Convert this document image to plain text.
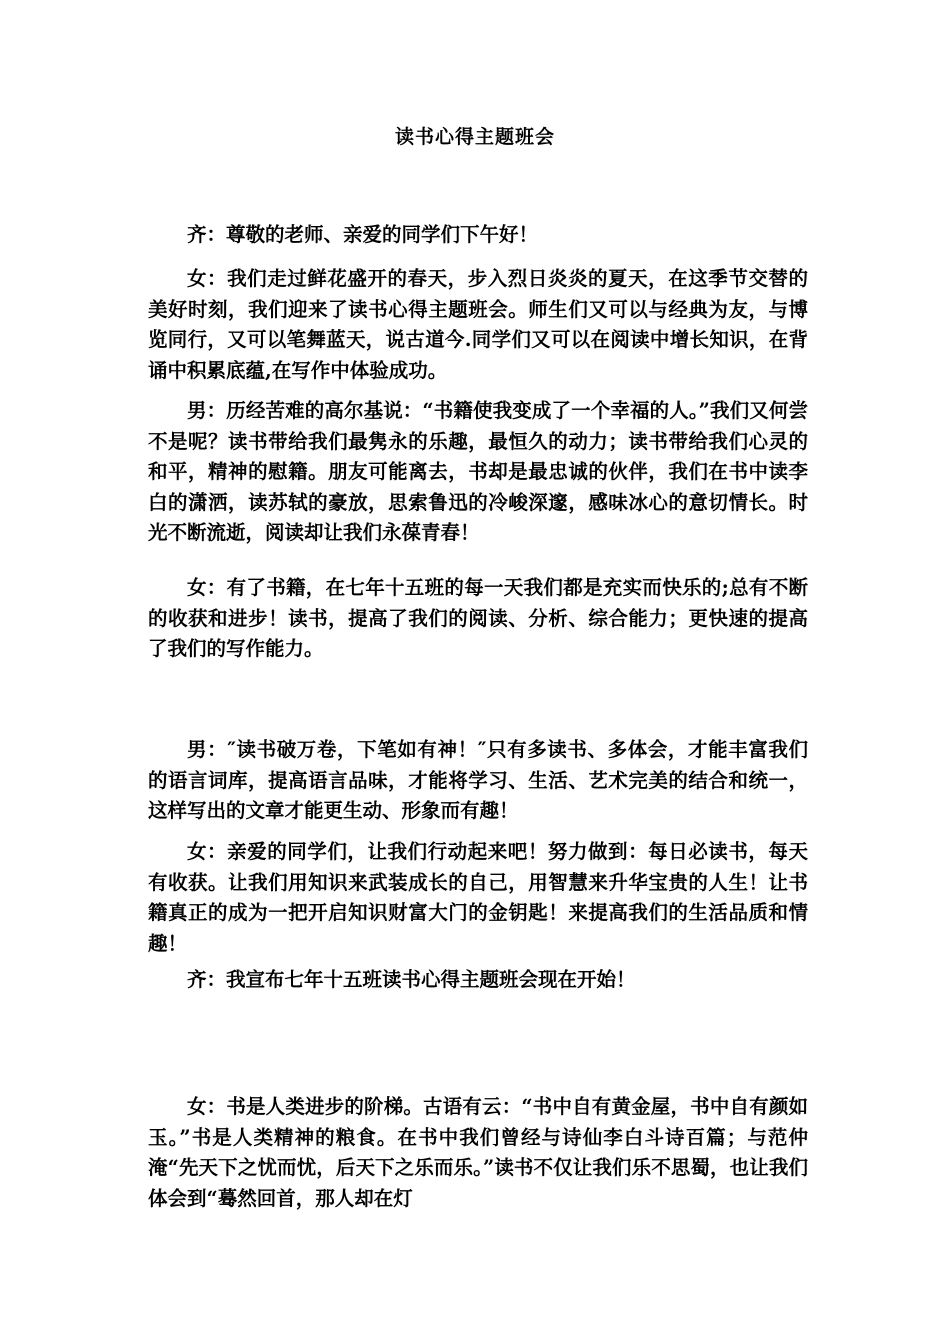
读书心得主题班会

齐：尊敬的老师、亲爱的同学们下午好！

女：我们走过鲜花盛开的春天，步入烈日炎炎的夏天，在这季节交替的美好时刻，我们迎来了读书心得主题班会。师生们又可以与经典为友，与博览同行，又可以笔舞蓝天，说古道今.同学们又可以在阅读中增长知识，在背诵中积累底蕴,在写作中体验成功。

男：历经苦难的高尔基说：“书籍使我变成了一个幸福的人。”我们又何尝不是呢？读书带给我们最隽永的乐趣，最恒久的动力；读书带给我们心灵的和平，精神的慰籍。朋友可能离去，书却是最忠诚的伙伴，我们在书中读李白的潇洒，读苏轼的豪放，思索鲁迅的冷峻深邃，感味冰心的意切情长。时光不断流逝，阅读却让我们永葆青春！

女：有了书籍，在七年十五班的每一天我们都是充实而快乐的;总有不断的收获和进步！读书，提高了我们的阅读、分析、综合能力；更快速的提高了我们的写作能力。

男：″读书破万卷，下笔如有神！″只有多读书、多体会，才能丰富我们的语言词库，提高语言品味，才能将学习、生活、艺术完美的结合和统一，这样写出的文章才能更生动、形象而有趣！

女：亲爱的同学们，让我们行动起来吧！努力做到：每日必读书，每天有收获。让我们用知识来武装成长的自己，用智慧来升华宝贵的人生！让书籍真正的成为一把开启知识财富大门的金钥匙！来提高我们的生活品质和情趣！

齐：我宣布七年十五班读书心得主题班会现在开始！

女：书是人类进步的阶梯。古语有云：“书中自有黄金屋，书中自有颜如玉。”书是人类精神的粮食。在书中我们曾经与诗仙李白斗诗百篇；与范仲淹“先天下之忧而忧，后天下之乐而乐。”读书不仅让我们乐不思蜀，也让我们体会到“蓦然回首，那人却在灯
